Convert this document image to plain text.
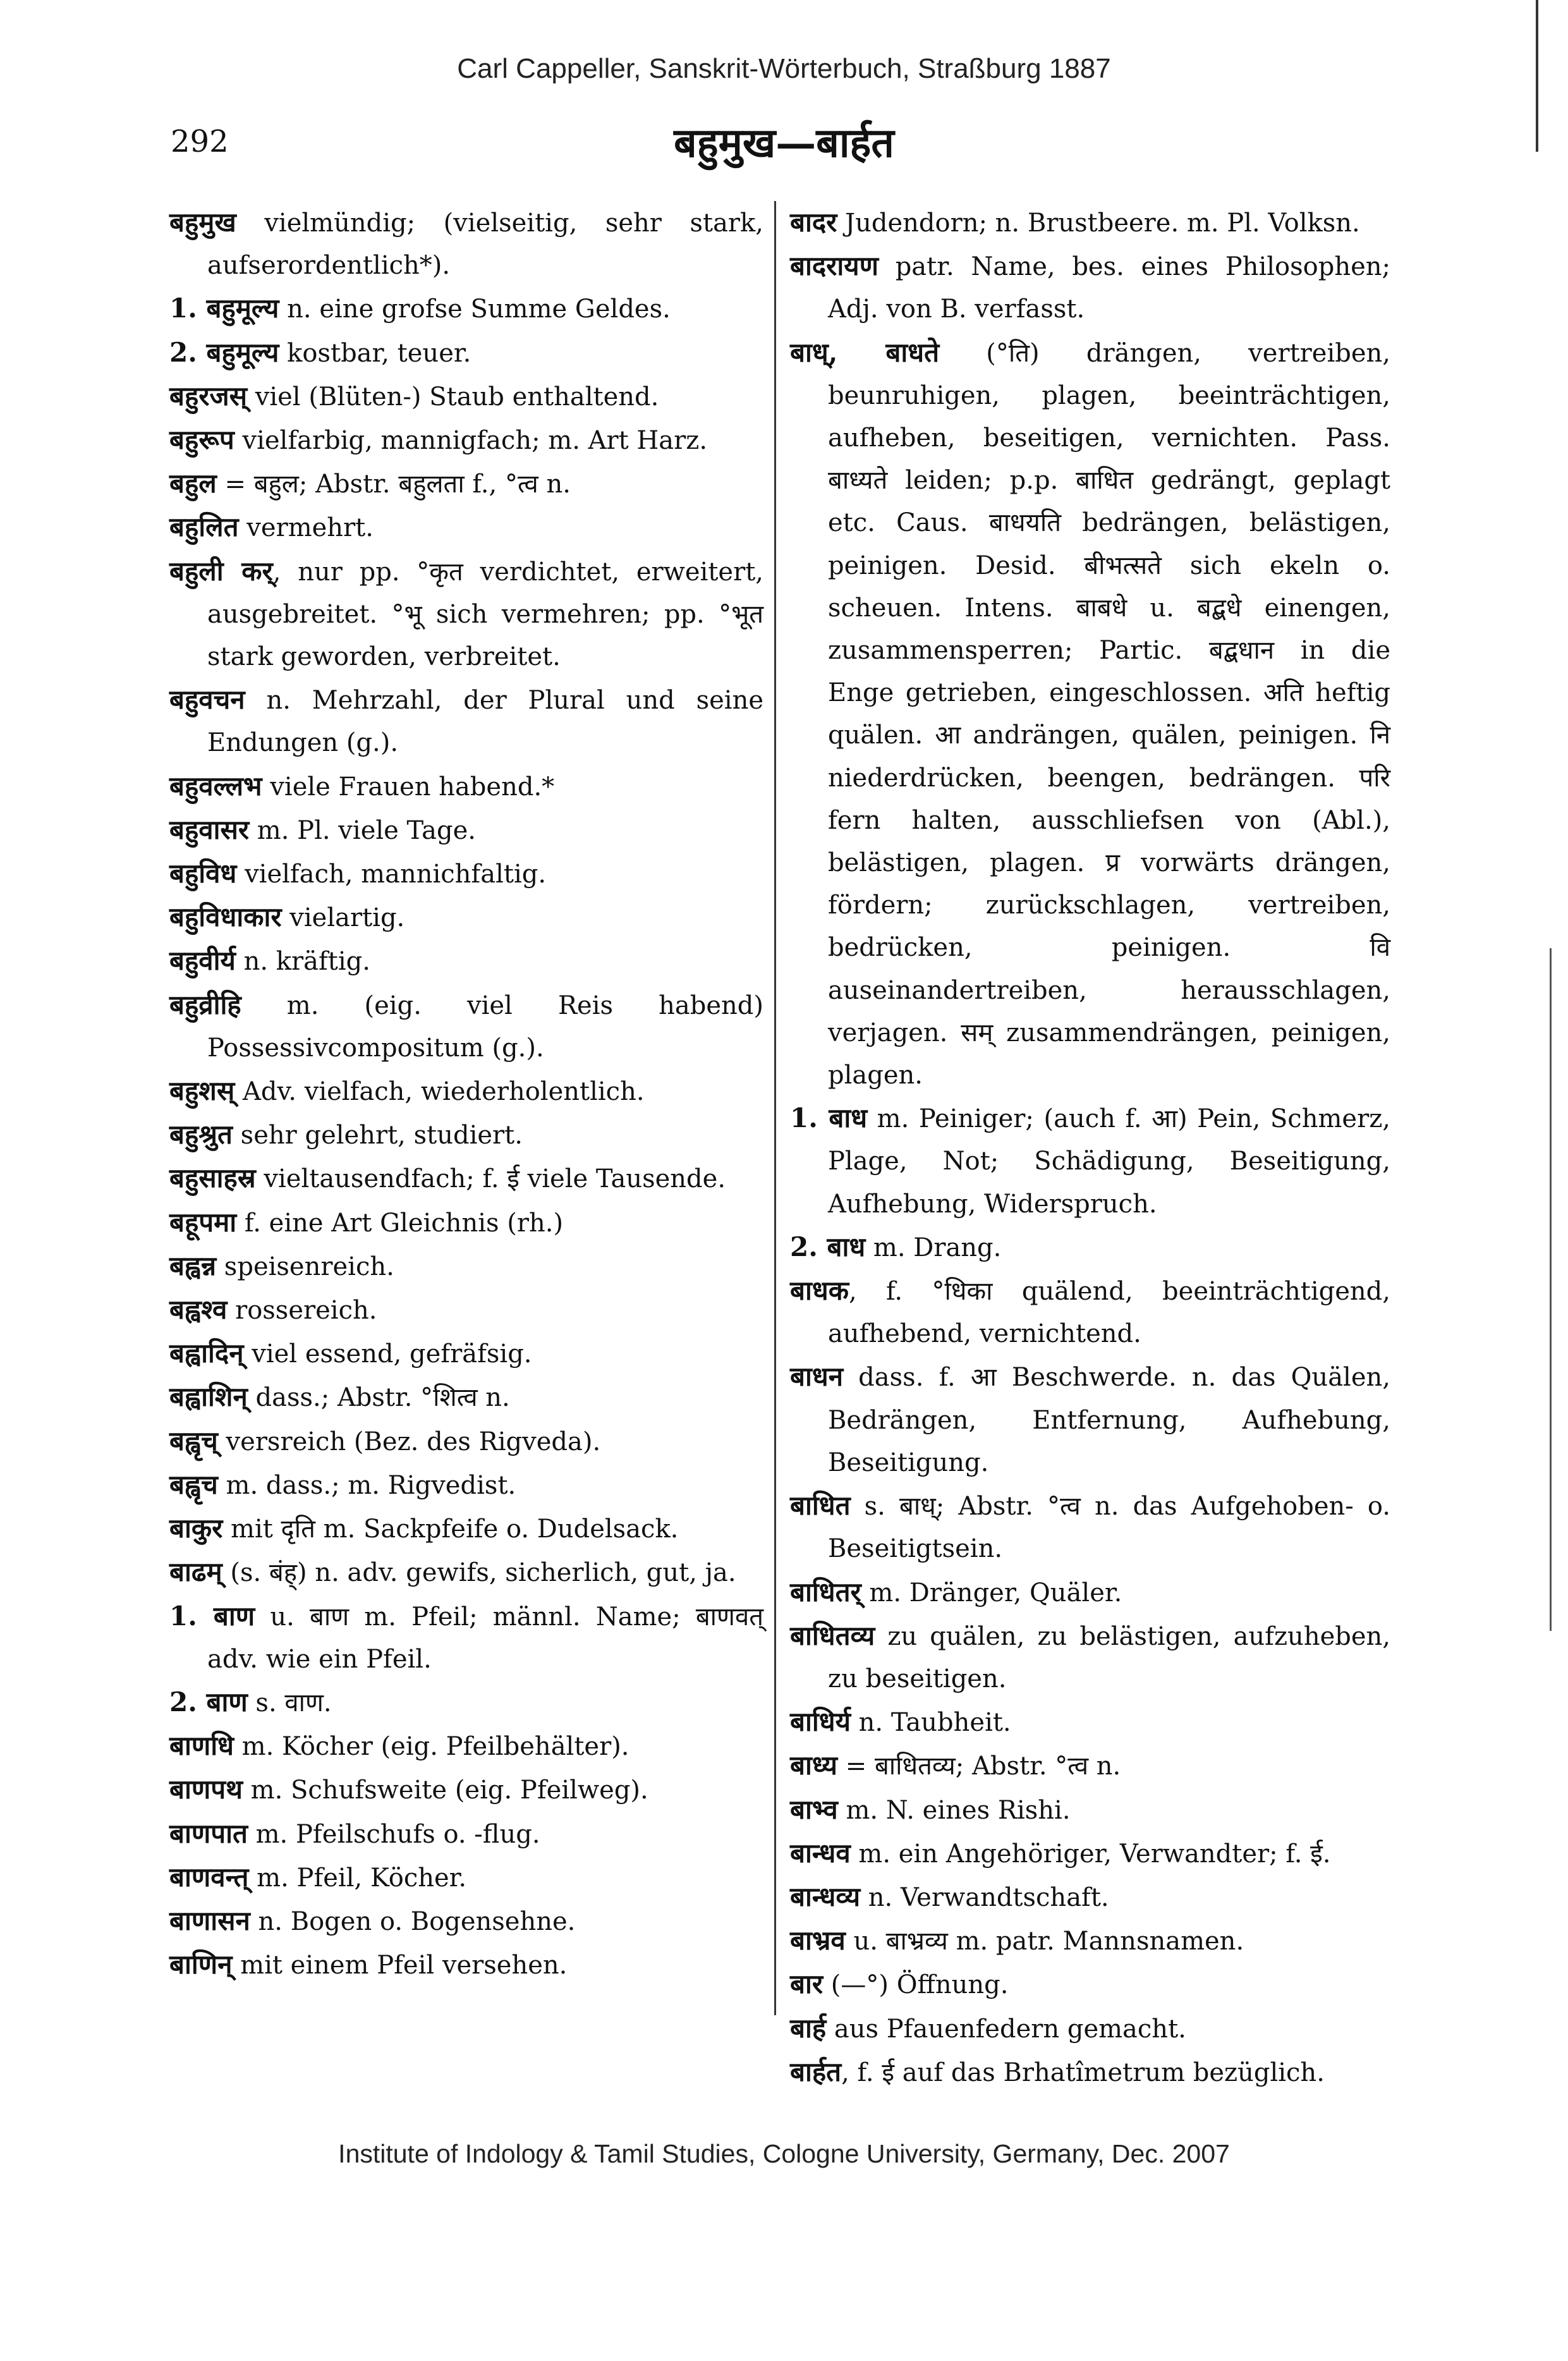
Carl Cappeller, Sanskrit-Wörterbuch, Straßburg 1887
292	बहुमुख—बार्हत

बहुमुख vielmündig; (vielseitig, sehr stark, aufserordentlich*).

1. बहुमूल्य n. eine grofse Summe Geldes.

2. बहुमूल्य kostbar, teuer.

बहुरजस् viel (Blüten-) Staub enthaltend.

बहुरूप vielfarbig, mannigfach; m. Art Harz.

बहुल = बहुल; Abstr. बहुलता f., °त्व n.

बहुलित vermehrt.

बहुली कर्, nur pp. °कृत verdichtet, erweitert, ausgebreitet. °भू sich vermehren; pp. °भूत stark geworden, verbreitet.

बहुवचन n. Mehrzahl, der Plural und seine Endungen (g.).

बहुवल्लभ viele Frauen habend.*

बहुवासर m. Pl. viele Tage.

बहुविध vielfach, mannichfaltig.

बहुविधाकार vielartig.

बहुवीर्य n. kräftig.

बहुव्रीहि m. (eig. viel Reis habend) Possessivcompositum (g.).

बहुशस् Adv. vielfach, wiederholentlich.

बहुश्रुत sehr gelehrt, studiert.

बहुसाहस्र vieltausendfach; f. ई viele Tausende.

बहूपमा f. eine Art Gleichnis (rh.)

बह्वन्न speisenreich.

बह्वश्व rossereich.

बह्वादिन् viel essend, gefräfsig.

बह्वाशिन् dass.; Abstr. °शित्व n.

बह्वृच् versreich (Bez. des Rigveda).

बह्वृच m. dass.; m. Rigvedist.

बाकुर mit दृति m. Sackpfeife o. Dudelsack.

बाढम् (s. बंह्) n. adv. gewifs, sicherlich, gut, ja.

1. बाण u. बाण m. Pfeil; männl. Name; बाणवत् adv. wie ein Pfeil.

2. बाण s. वाण.

बाणधि m. Köcher (eig. Pfeilbehälter).

बाणपथ m. Schufsweite (eig. Pfeilweg).

बाणपात m. Pfeilschufs o. -flug.

बाणवन्त् m. Pfeil, Köcher.

बाणासन n. Bogen o. Bogensehne.

बाणिन् mit einem Pfeil versehen.

बादर Judendorn; n. Brustbeere. m. Pl. Volksn.

बादरायण patr. Name, bes. eines Philosophen; Adj. von B. verfasst.

बाध्, बाधते (°ति) drängen, vertreiben, beunruhigen, plagen, beeinträchtigen, aufheben, beseitigen, vernichten. Pass. बाध्यते leiden; p.p. बाधित gedrängt, geplagt etc. Caus. बाधयति bedrängen, belästigen, peinigen. Desid. बीभत्सते sich ekeln o. scheuen. Intens. बाबधे u. बद्बधे einengen, zusammensperren; Partic. बद्बधान in die Enge getrieben, eingeschlossen. अति heftig quälen. आ andrängen, quälen, peinigen. नि niederdrücken, beengen, bedrängen. परि fern halten, ausschliefsen von (Abl.), belästigen, plagen. प्र vorwärts drängen, fördern; zurückschlagen, vertreiben, bedrücken, peinigen. वि auseinandertreiben, herausschlagen, verjagen. सम् zusammendrängen, peinigen, plagen.

1. बाध m. Peiniger; (auch f. आ) Pein, Schmerz, Plage, Not; Schädigung, Beseitigung, Aufhebung, Widerspruch.

2. बाध m. Drang.

बाधक, f. °धिका quälend, beeinträchtigend, aufhebend, vernichtend.

बाधन dass. f. आ Beschwerde. n. das Quälen, Bedrängen, Entfernung, Aufhebung, Beseitigung.

बाधित s. बाध्; Abstr. °त्व n. das Aufgehoben- o. Beseitigtsein.

बाधितर् m. Dränger, Quäler.

बाधितव्य zu quälen, zu belästigen, aufzuheben, zu beseitigen.

बाधिर्य n. Taubheit.

बाध्य = बाधितव्य; Abstr. °त्व n.

बाभ्व m. N. eines Rishi.

बान्धव m. ein Angehöriger, Verwandter; f. ई.

बान्धव्य n. Verwandtschaft.

बाभ्रव u. बाभ्रव्य m. patr. Mannsnamen.

बार (—°) Öffnung.

बार्ह aus Pfauenfedern gemacht.

बार्हत, f. ई auf das Brhatîmetrum bezüglich.

Institute of Indology & Tamil Studies, Cologne University, Germany, Dec. 2007
